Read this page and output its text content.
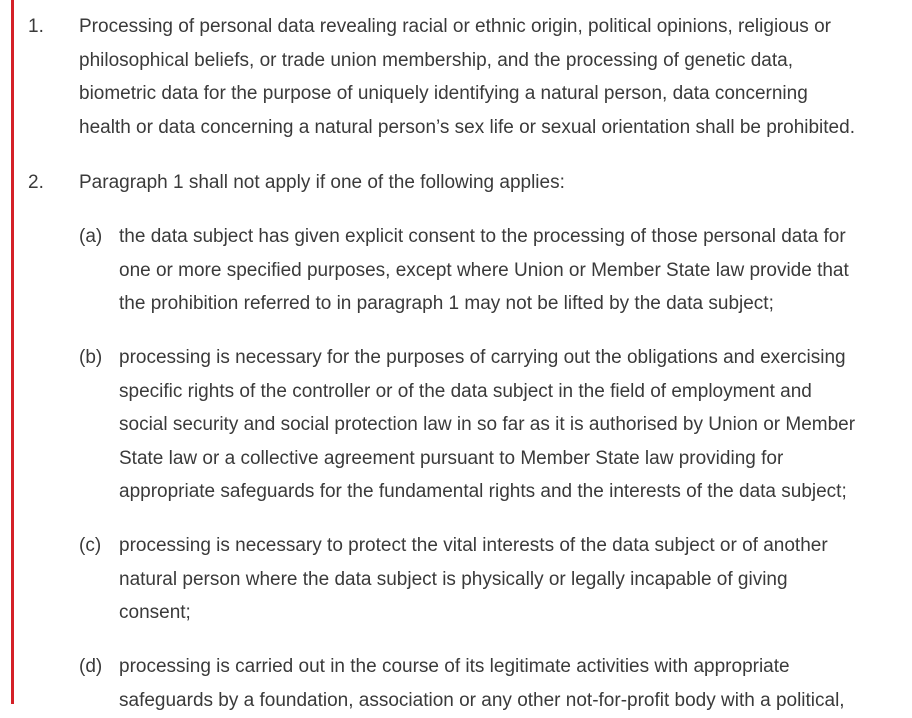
1. Processing of personal data revealing racial or ethnic origin, political opinions, religious or
philosophical beliefs, or trade union membership, and the processing of genetic data,
biometric data for the purpose of uniquely identifying a natural person, data concerning
health or data concerning a natural person’s sex life or sexual orientation shall be prohibited.
2. Paragraph 1 shall not apply if one of the following applies:
(a) the data subject has given explicit consent to the processing of those personal data for
one or more specified purposes, except where Union or Member State law provide that
the prohibition referred to in paragraph 1 may not be lifted by the data subject;
(b) processing is necessary for the purposes of carrying out the obligations and exercising
specific rights of the controller or of the data subject in the field of employment and
social security and social protection law in so far as it is authorised by Union or Member
State law or a collective agreement pursuant to Member State law providing for
appropriate safeguards for the fundamental rights and the interests of the data subject;
(c) processing is necessary to protect the vital interests of the data subject or of another
natural person where the data subject is physically or legally incapable of giving
consent;
(d) processing is carried out in the course of its legitimate activities with appropriate
safeguards by a foundation, association or any other not-for-profit body with a political,
